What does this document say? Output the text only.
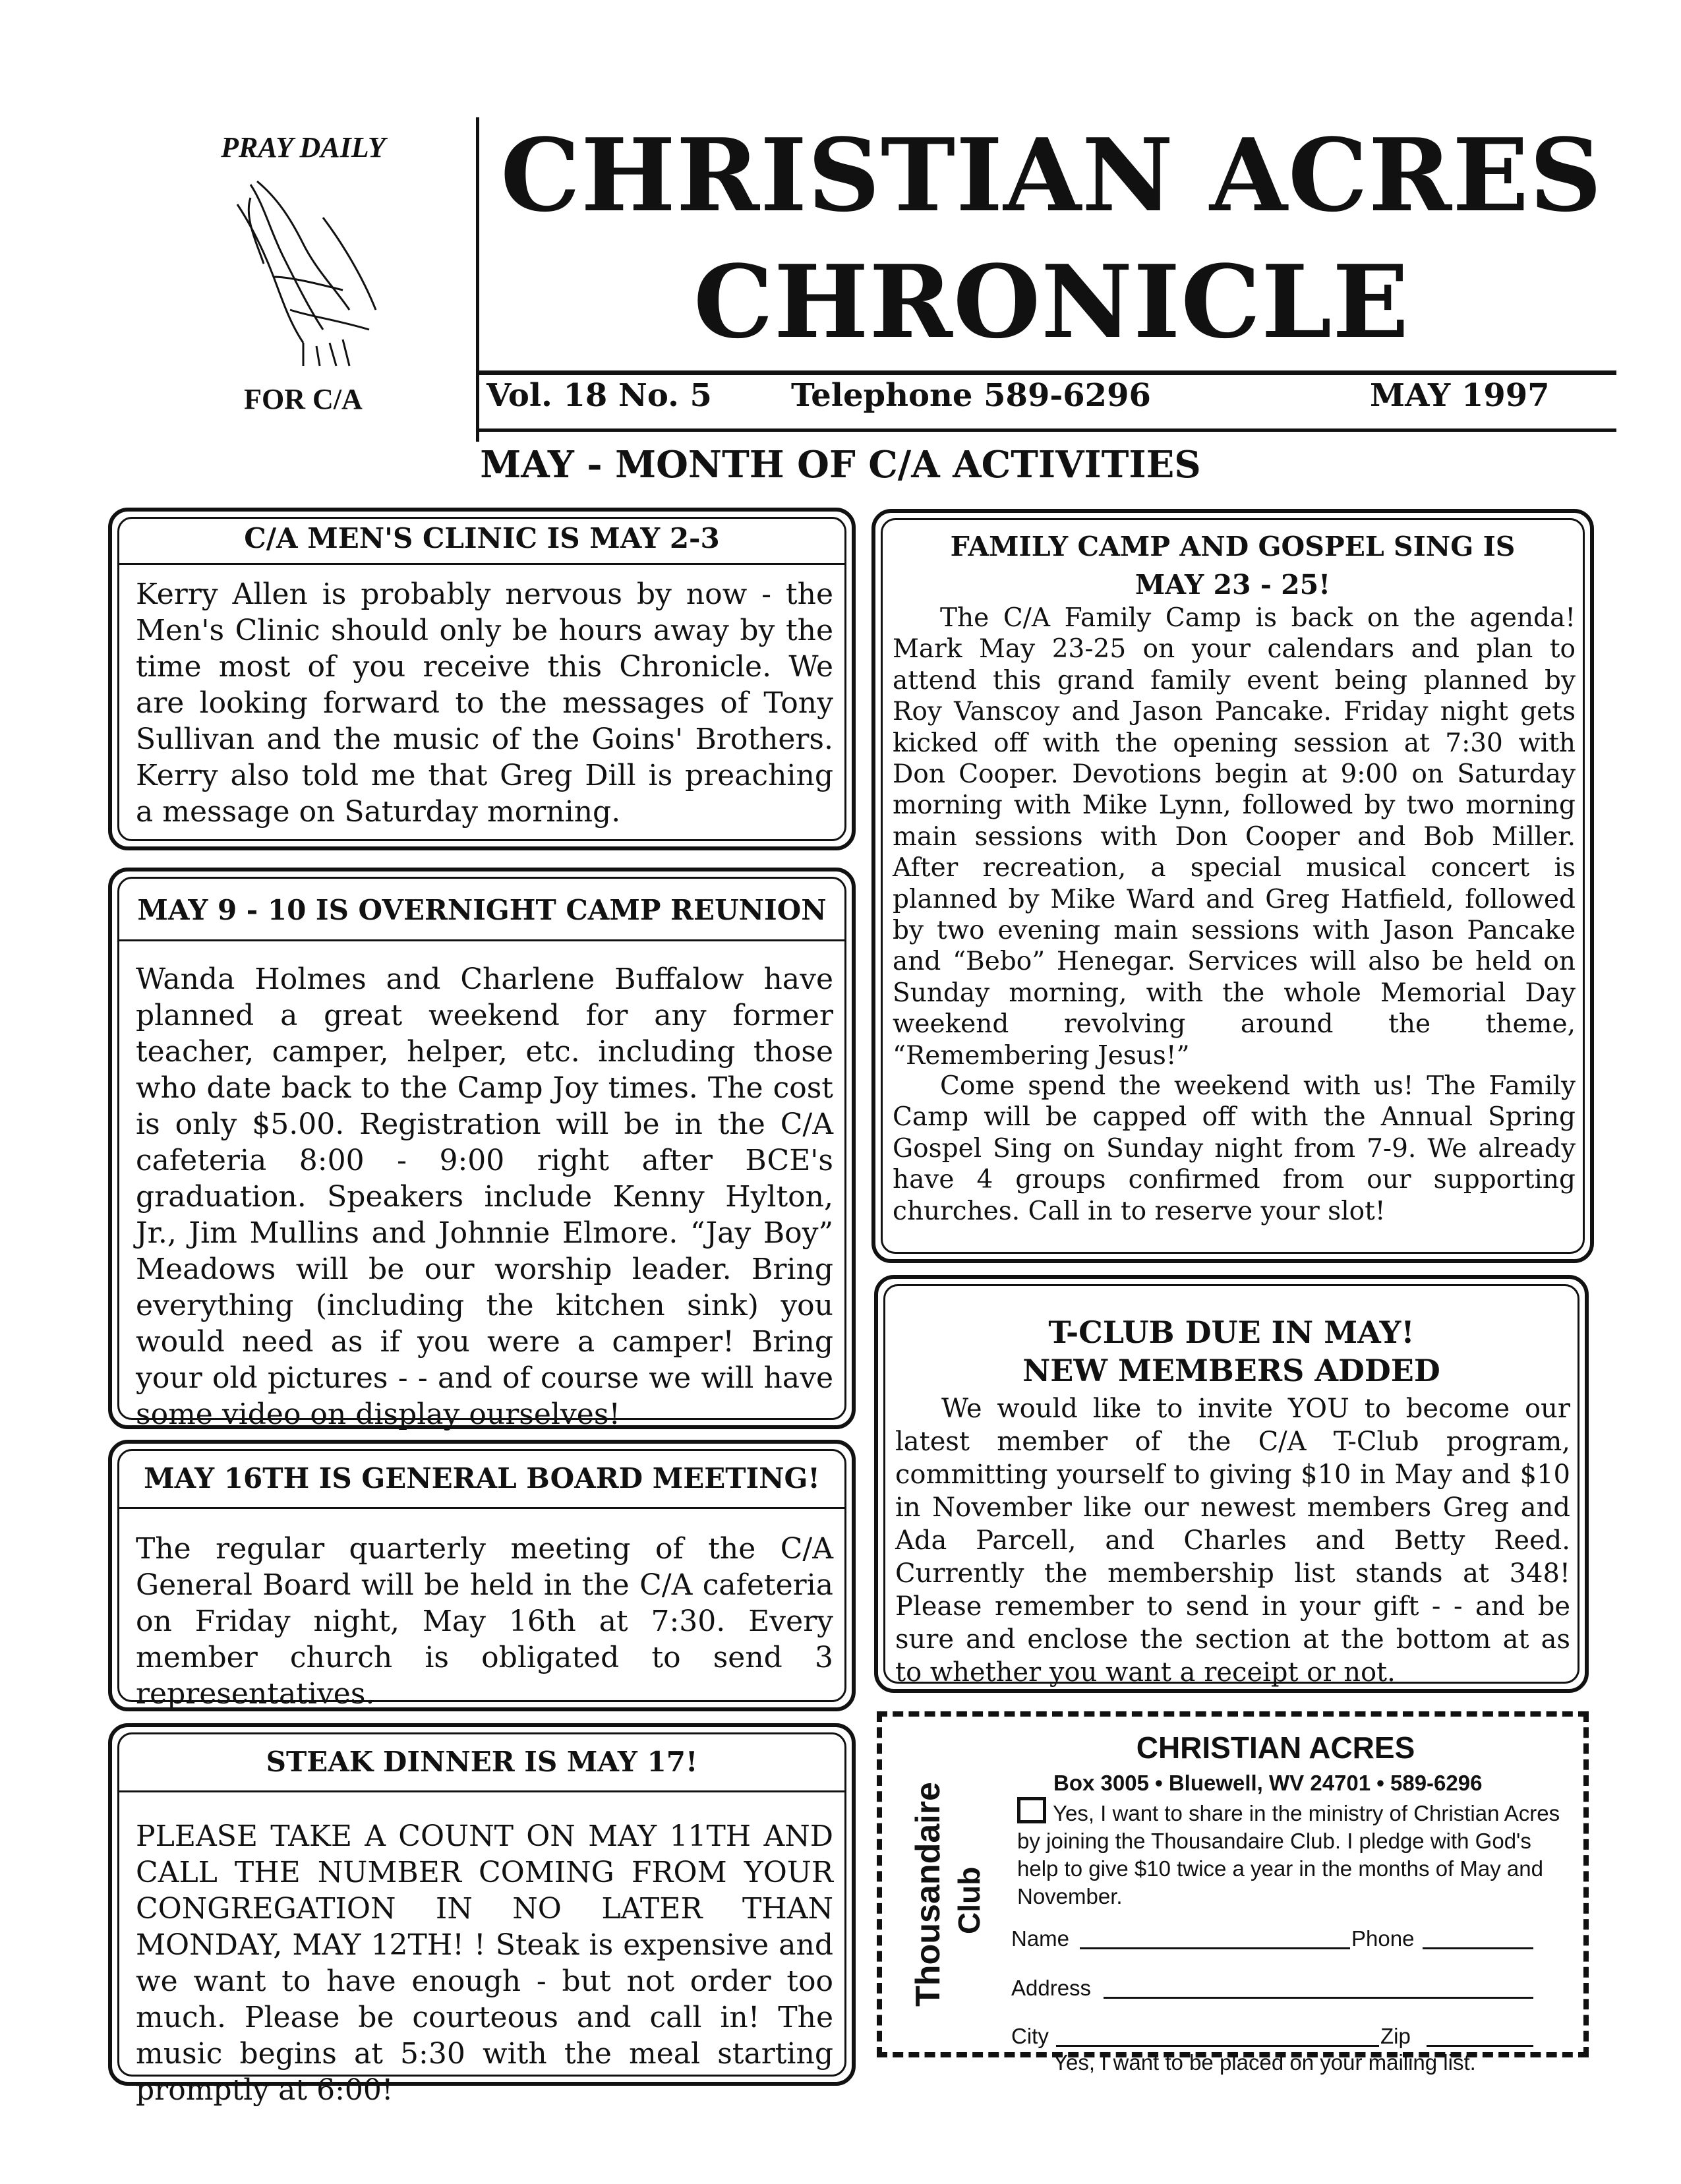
PRAY DAILY
FOR C/A
CHRISTIAN ACRES
CHRONICLE
Vol. 18 No. 5	Telephone 589-6296	MAY 1997
MAY - MONTH OF C/A ACTIVITIES
C/A MEN'S CLINIC IS MAY 2-3

Kerry Allen is probably nervous by now - the Men's Clinic should only be hours away by the time most of you receive this Chronicle. We are looking forward to the messages of Tony Sullivan and the music of the Goins' Brothers. Kerry also told me that Greg Dill is preaching a message on Saturday morning.

MAY 9 - 10 IS OVERNIGHT CAMP REUNION

Wanda Holmes and Charlene Buffalow have planned a great weekend for any former teacher, camper, helper, etc. including those who date back to the Camp Joy times. The cost is only $5.00. Registration will be in the C/A cafeteria 8:00 - 9:00 right after BCE's graduation. Speakers include Kenny Hylton, Jr., Jim Mullins and Johnnie Elmore. “Jay Boy” Meadows will be our worship leader. Bring everything (including the kitchen sink) you would need as if you were a camper! Bring your old pictures - - and of course we will have some video on display ourselves!

MAY 16TH IS GENERAL BOARD MEETING!

The regular quarterly meeting of the C/A General Board will be held in the C/A cafeteria on Friday night, May 16th at 7:30. Every member church is obligated to send 3 representatives.

STEAK DINNER IS MAY 17!

PLEASE TAKE A COUNT ON MAY 11TH AND CALL THE NUMBER COMING FROM YOUR CONGREGATION IN NO LATER THAN MONDAY, MAY 12TH! ! Steak is expensive and we want to have enough - but not order too much. Please be courteous and call in! The music begins at 5:30 with the meal starting promptly at 6:00!

FAMILY CAMP AND GOSPEL SING IS
MAY 23 - 25!

The C/A Family Camp is back on the agenda! Mark May 23-25 on your calendars and plan to attend this grand family event being planned by Roy Vanscoy and Jason Pancake. Friday night gets kicked off with the opening session at 7:30 with Don Cooper. Devotions begin at 9:00 on Saturday morning with Mike Lynn, followed by two morning main sessions with Don Cooper and Bob Miller. After recreation, a special musical concert is planned by Mike Ward and Greg Hatfield, followed by two evening main sessions with Jason Pancake and “Bebo” Henegar. Services will also be held on Sunday morning, with the whole Memorial Day weekend revolving around the theme, “Remembering Jesus!”

Come spend the weekend with us! The Family Camp will be capped off with the Annual Spring Gospel Sing on Sunday night from 7-9. We already have 4 groups confirmed from our supporting churches. Call in to reserve your slot!

T-CLUB DUE IN MAY!
NEW MEMBERS ADDED

We would like to invite YOU to become our latest member of the C/A T-Club program, committing yourself to giving $10 in May and $10 in November like our newest members Greg and Ada Parcell, and Charles and Betty Reed. Currently the membership list stands at 348! Please remember to send in your gift - - and be sure and enclose the section at the bottom at as to whether you want a receipt or not.

Thousandaire Club
CHRISTIAN ACRES
Box 3005 • Bluewell, WV 24701 • 589-6296
Yes, I want to share in the ministry of Christian Acres by joining the Thousandaire Club. I pledge with God's help to give $10 twice a year in the months of May and November.
Name	Phone
Address
City	Zip
Yes, I want to be placed on your mailing list.
